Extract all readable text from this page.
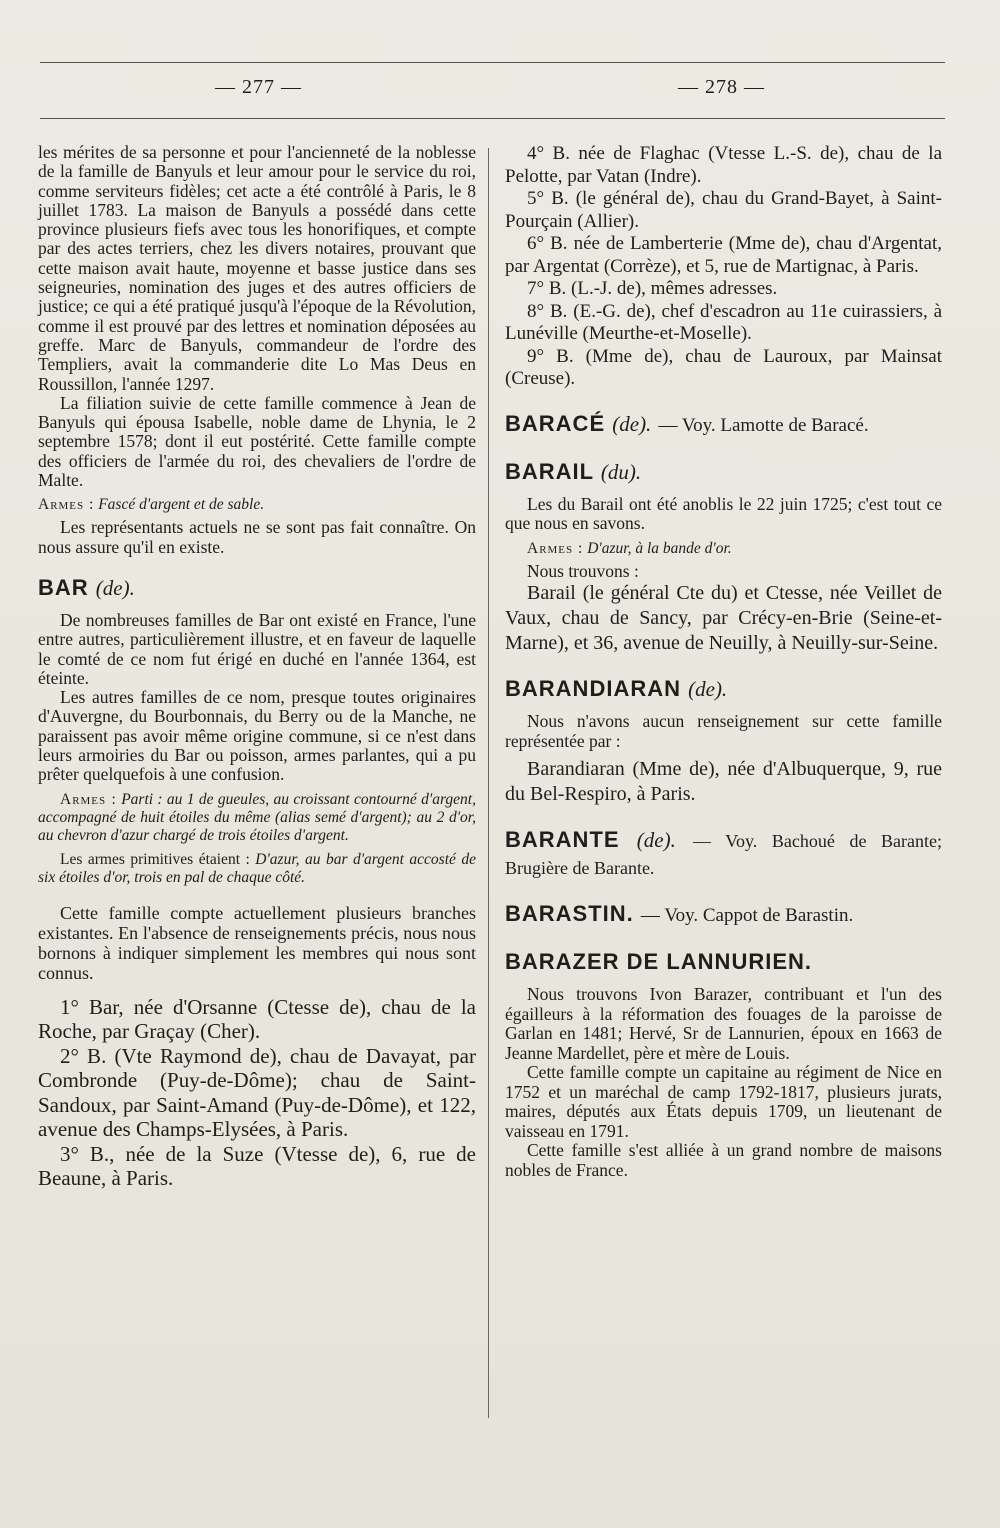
— 277 —	— 278 —

les mérites de sa personne et pour l'ancienneté de la noblesse de la famille de Banyuls et leur amour pour le service du roi, comme serviteurs fidèles; cet acte a été contrôlé à Paris, le 8 juillet 1783. La maison de Banyuls a possédé dans cette province plusieurs fiefs avec tous les honorifiques, et compte par des actes terriers, chez les divers notaires, prouvant que cette maison avait haute, moyenne et basse justice dans ses seigneuries, nomination des juges et des autres officiers de justice; ce qui a été pratiqué jusqu'à l'époque de la Révolution, comme il est prouvé par des lettres et nomination déposées au greffe. Marc de Banyuls, commandeur de l'ordre des Templiers, avait la commanderie dite Lo Mas Deus en Roussillon, l'année 1297.

La filiation suivie de cette famille commence à Jean de Banyuls qui épousa Isabelle, noble dame de Lhynia, le 2 septembre 1578; dont il eut postérité. Cette famille compte des officiers de l'armée du roi, des chevaliers de l'ordre de Malte.

Armes : Fascé d'argent et de sable.

Les représentants actuels ne se sont pas fait connaître. On nous assure qu'il en existe.

BAR (de).

De nombreuses familles de Bar ont existé en France, l'une entre autres, particulièrement illustre, et en faveur de laquelle le comté de ce nom fut érigé en duché en l'année 1364, est éteinte.

Les autres familles de ce nom, presque toutes originaires d'Auvergne, du Bourbonnais, du Berry ou de la Manche, ne paraissent pas avoir même origine commune, si ce n'est dans leurs armoiries du Bar ou poisson, armes parlantes, qui a pu prêter quelquefois à une confusion.

Armes : Parti : au 1 de gueules, au croissant contourné d'argent, accompagné de huit étoiles du même (alias semé d'argent); au 2 d'or, au chevron d'azur chargé de trois étoiles d'argent.

Les armes primitives étaient : D'azur, au bar d'argent accosté de six étoiles d'or, trois en pal de chaque côté.

Cette famille compte actuellement plusieurs branches existantes. En l'absence de renseignements précis, nous nous bornons à indiquer simplement les membres qui nous sont connus.

1° Bar, née d'Orsanne (Ctesse de), chau de la Roche, par Graçay (Cher).

2° B. (Vte Raymond de), chau de Davayat, par Combronde (Puy-de-Dôme); chau de Saint-Sandoux, par Saint-Amand (Puy-de-Dôme), et 122, avenue des Champs-Elysées, à Paris.

3° B., née de la Suze (Vtesse de), 6, rue de Beaune, à Paris.

4° B. née de Flaghac (Vtesse L.-S. de), chau de la Pelotte, par Vatan (Indre).

5° B. (le général de), chau du Grand-Bayet, à Saint-Pourçain (Allier).

6° B. née de Lamberterie (Mme de), chau d'Argentat, par Argentat (Corrèze), et 5, rue de Martignac, à Paris.

7° B. (L.-J. de), mêmes adresses.

8° B. (E.-G. de), chef d'escadron au 11e cuirassiers, à Lunéville (Meurthe-et-Moselle).

9° B. (Mme de), chau de Lauroux, par Mainsat (Creuse).

BARACÉ (de). — Voy. Lamotte de Baracé.
BARAIL (du).

Les du Barail ont été anoblis le 22 juin 1725; c'est tout ce que nous en savons.

Armes : D'azur, à la bande d'or.

Nous trouvons :

Barail (le général Cte du) et Ctesse, née Veillet de Vaux, chau de Sancy, par Crécy-en-Brie (Seine-et-Marne), et 36, avenue de Neuilly, à Neuilly-sur-Seine.

BARANDIARAN (de).

Nous n'avons aucun renseignement sur cette famille représentée par :

Barandiaran (Mme de), née d'Albuquerque, 9, rue du Bel-Respiro, à Paris.

BARANTE (de). — Voy. Bachoué de Barante; Brugière de Barante.
BARASTIN. — Voy. Cappot de Barastin.
BARAZER DE LANNURIEN.

Nous trouvons Ivon Barazer, contribuant et l'un des égailleurs à la réformation des fouages de la paroisse de Garlan en 1481; Hervé, Sr de Lannurien, époux en 1663 de Jeanne Mardellet, père et mère de Louis.

Cette famille compte un capitaine au régiment de Nice en 1752 et un maréchal de camp 1792-1817, plusieurs jurats, maires, députés aux États depuis 1709, un lieutenant de vaisseau en 1791.

Cette famille s'est alliée à un grand nombre de maisons nobles de France.
